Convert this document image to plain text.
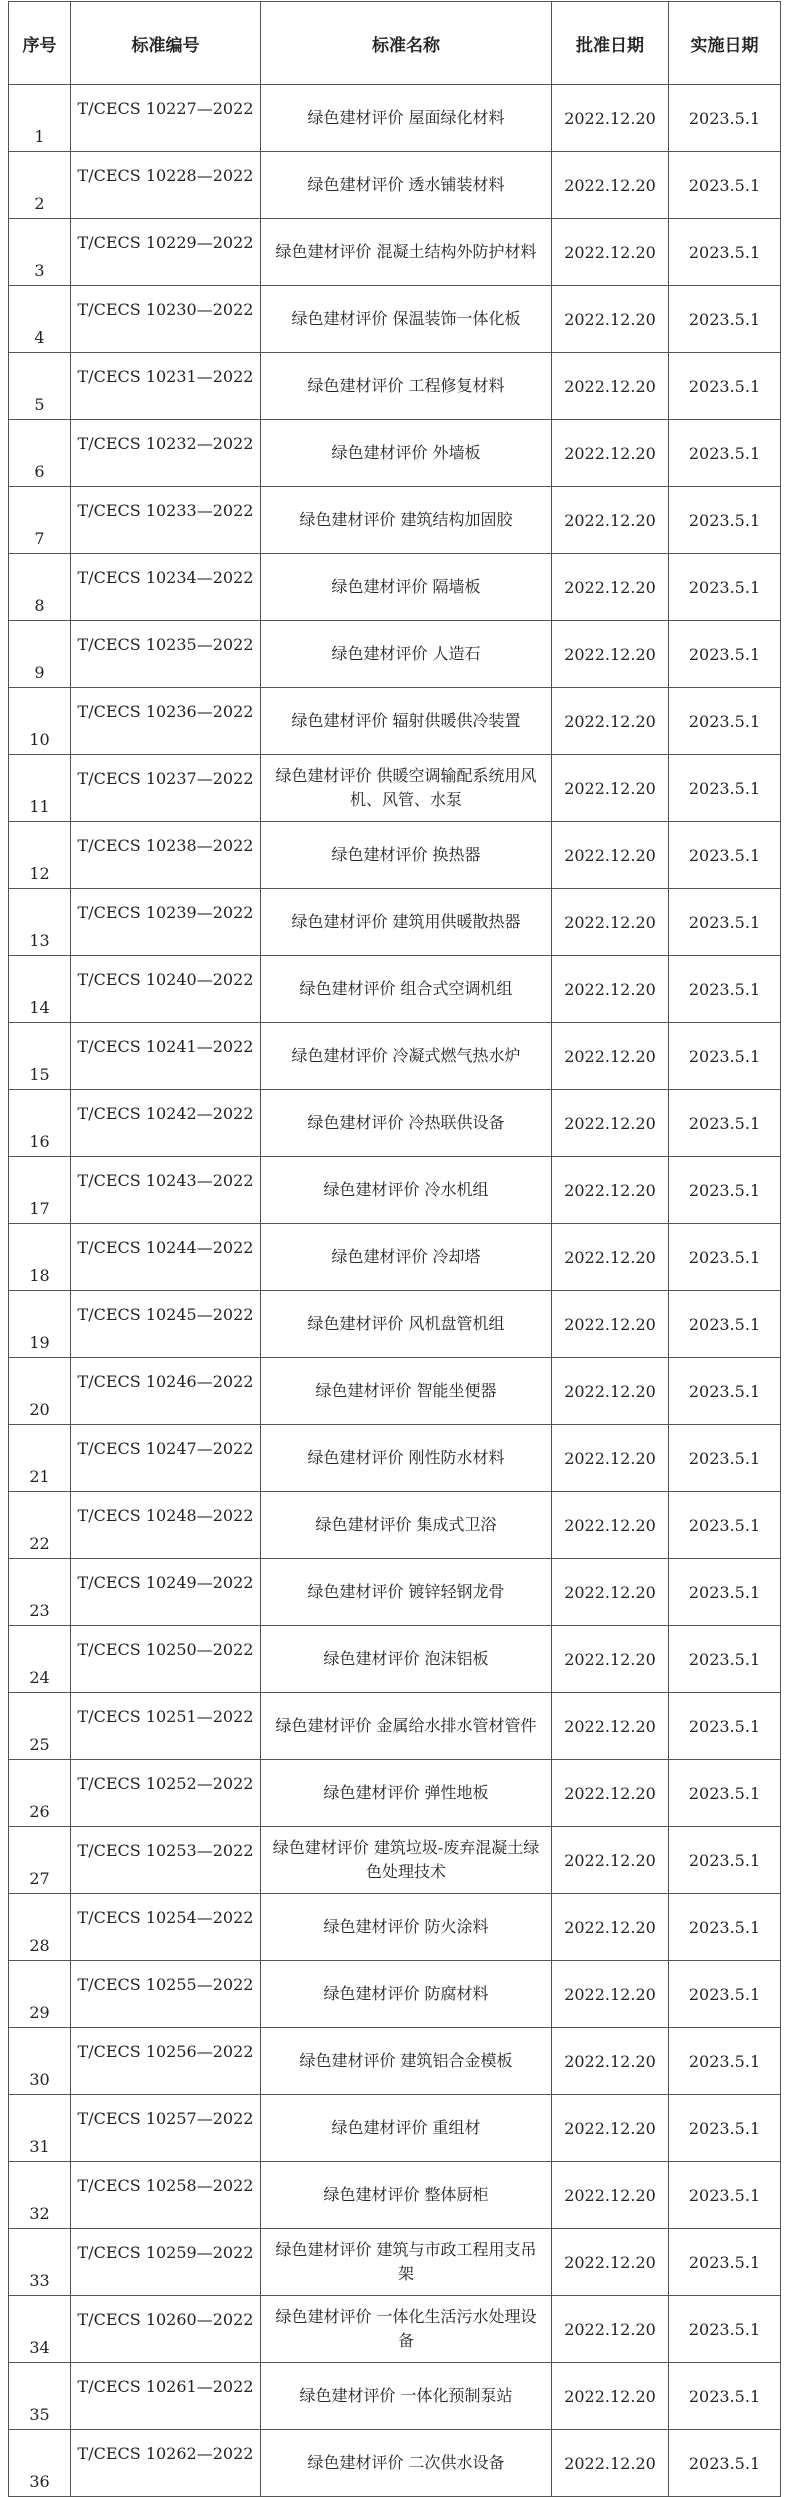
序号	标准编号	标准名称	批准日期	实施日期
1	T/CECS 10227—2022	绿色建材评价 屋面绿化材料	2022.12.20	2023.5.1
2	T/CECS 10228—2022	绿色建材评价 透水铺装材料	2022.12.20	2023.5.1
3	T/CECS 10229—2022	绿色建材评价 混凝土结构外防护材料	2022.12.20	2023.5.1
4	T/CECS 10230—2022	绿色建材评价 保温装饰一体化板	2022.12.20	2023.5.1
5	T/CECS 10231—2022	绿色建材评价 工程修复材料	2022.12.20	2023.5.1
6	T/CECS 10232—2022	绿色建材评价 外墙板	2022.12.20	2023.5.1
7	T/CECS 10233—2022	绿色建材评价 建筑结构加固胶	2022.12.20	2023.5.1
8	T/CECS 10234—2022	绿色建材评价 隔墙板	2022.12.20	2023.5.1
9	T/CECS 10235—2022	绿色建材评价 人造石	2022.12.20	2023.5.1
10	T/CECS 10236—2022	绿色建材评价 辐射供暖供冷装置	2022.12.20	2023.5.1
11	T/CECS 10237—2022	绿色建材评价 供暖空调输配系统用风机、风管、水泵	2022.12.20	2023.5.1
12	T/CECS 10238—2022	绿色建材评价 换热器	2022.12.20	2023.5.1
13	T/CECS 10239—2022	绿色建材评价 建筑用供暖散热器	2022.12.20	2023.5.1
14	T/CECS 10240—2022	绿色建材评价 组合式空调机组	2022.12.20	2023.5.1
15	T/CECS 10241—2022	绿色建材评价 冷凝式燃气热水炉	2022.12.20	2023.5.1
16	T/CECS 10242—2022	绿色建材评价 冷热联供设备	2022.12.20	2023.5.1
17	T/CECS 10243—2022	绿色建材评价 冷水机组	2022.12.20	2023.5.1
18	T/CECS 10244—2022	绿色建材评价 冷却塔	2022.12.20	2023.5.1
19	T/CECS 10245—2022	绿色建材评价 风机盘管机组	2022.12.20	2023.5.1
20	T/CECS 10246—2022	绿色建材评价 智能坐便器	2022.12.20	2023.5.1
21	T/CECS 10247—2022	绿色建材评价 刚性防水材料	2022.12.20	2023.5.1
22	T/CECS 10248—2022	绿色建材评价 集成式卫浴	2022.12.20	2023.5.1
23	T/CECS 10249—2022	绿色建材评价 镀锌轻钢龙骨	2022.12.20	2023.5.1
24	T/CECS 10250—2022	绿色建材评价 泡沫铝板	2022.12.20	2023.5.1
25	T/CECS 10251—2022	绿色建材评价 金属给水排水管材管件	2022.12.20	2023.5.1
26	T/CECS 10252—2022	绿色建材评价 弹性地板	2022.12.20	2023.5.1
27	T/CECS 10253—2022	绿色建材评价 建筑垃圾-废弃混凝土绿色处理技术	2022.12.20	2023.5.1
28	T/CECS 10254—2022	绿色建材评价 防火涂料	2022.12.20	2023.5.1
29	T/CECS 10255—2022	绿色建材评价 防腐材料	2022.12.20	2023.5.1
30	T/CECS 10256—2022	绿色建材评价 建筑铝合金模板	2022.12.20	2023.5.1
31	T/CECS 10257—2022	绿色建材评价 重组材	2022.12.20	2023.5.1
32	T/CECS 10258—2022	绿色建材评价 整体厨柜	2022.12.20	2023.5.1
33	T/CECS 10259—2022	绿色建材评价 建筑与市政工程用支吊架	2022.12.20	2023.5.1
34	T/CECS 10260—2022	绿色建材评价 一体化生活污水处理设备	2022.12.20	2023.5.1
35	T/CECS 10261—2022	绿色建材评价 一体化预制泵站	2022.12.20	2023.5.1
36	T/CECS 10262—2022	绿色建材评价 二次供水设备	2022.12.20	2023.5.1
